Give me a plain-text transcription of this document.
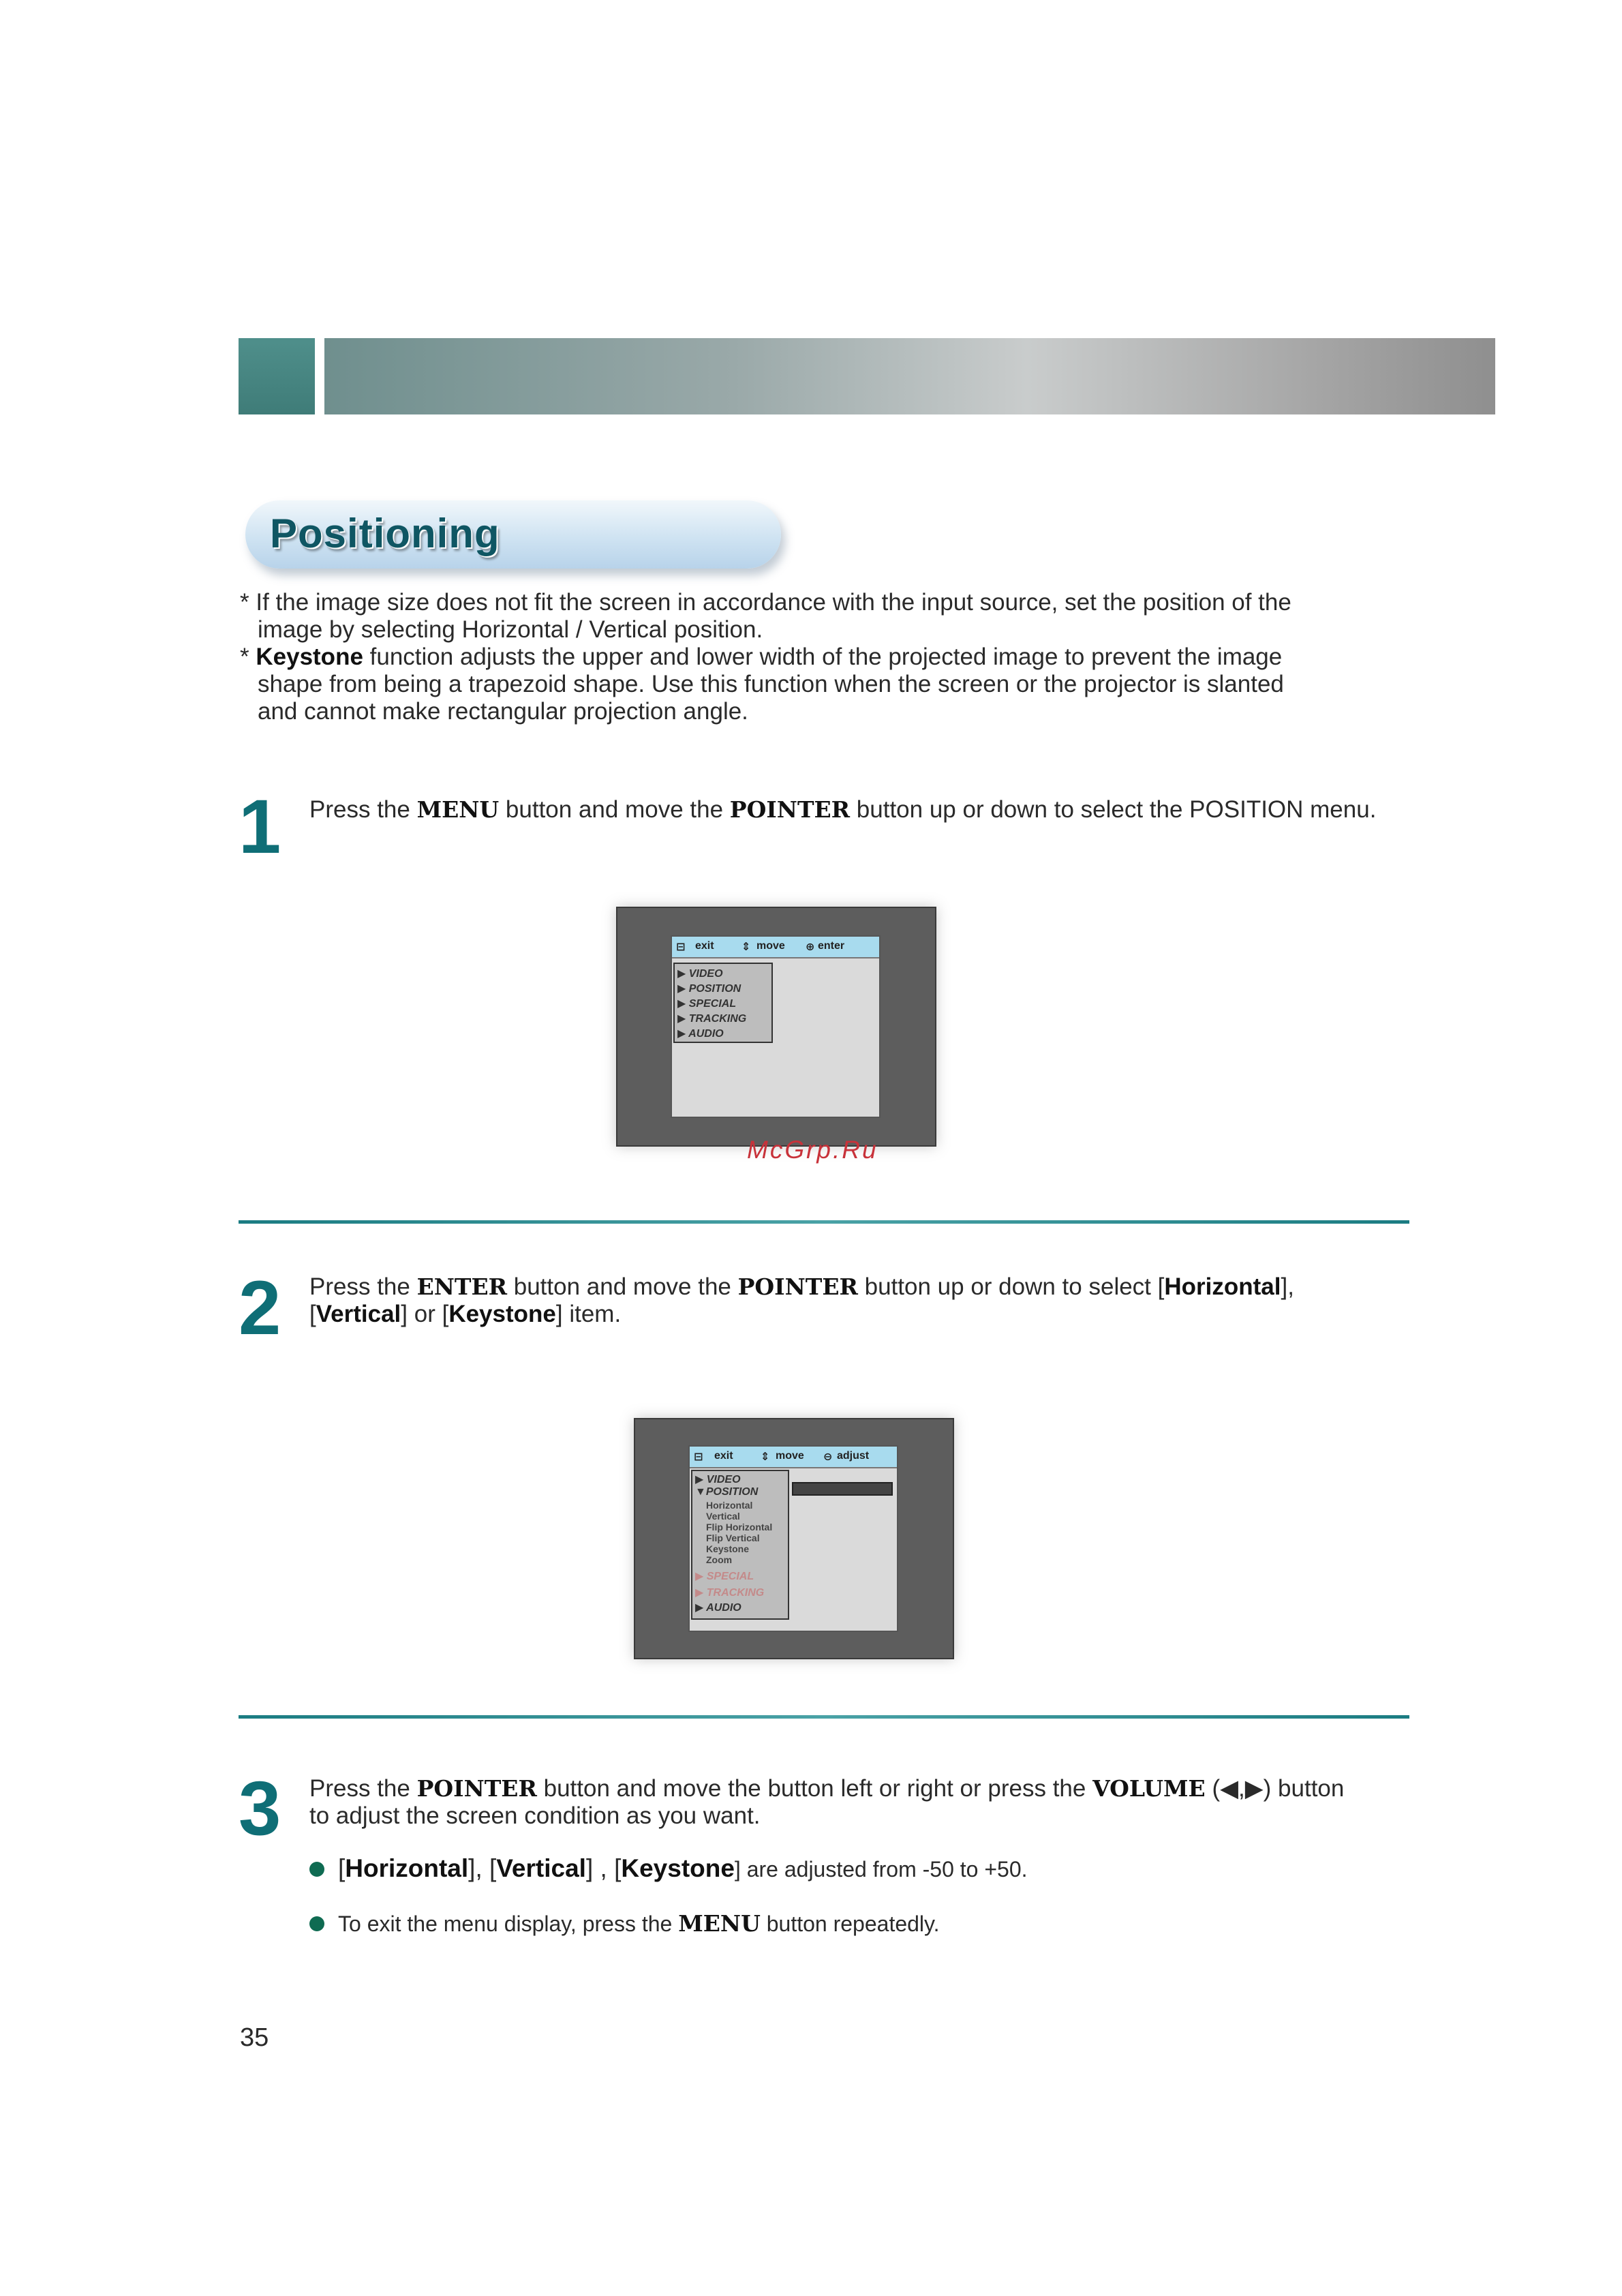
Positioning
* If the image size does not fit the screen in accordance with the input source, set the position of the
image by selecting Horizontal / Vertical position.
* Keystone function adjusts the upper and lower width of the projected image to prevent the image
shape from being a trapezoid shape. Use this function when the screen or the projector is slanted
and cannot make rectangular projection angle.
1 Press the MENU button and move the POINTER button up or down to select the POSITION menu.
⊟ exit	⇕ move ⊕ enter
▶ VIDEO
▶ POSITION
▶ SPECIAL
▶ TRACKING
▶ AUDIO
McGrp.Ru
2 Press the ENTER button and move the POINTER button up or down to select [Horizontal],
[Vertical] or [Keystone] item.
⊟ exit	⇕ move ⊖ adjust
▶ VIDEO
▼POSITION
Horizontal
Vertical
Flip Horizontal
Flip Vertical
Keystone
Zoom
▶ SPECIAL
▶ TRACKING
▶ AUDIO
3 Press the POINTER button and move the button left or right or press the VOLUME (◀,▶) button
to adjust the screen condition as you want.
[Horizontal], [Vertical] , [Keystone] are adjusted from -50 to +50.
To exit the menu display, press the MENU button repeatedly.
35
